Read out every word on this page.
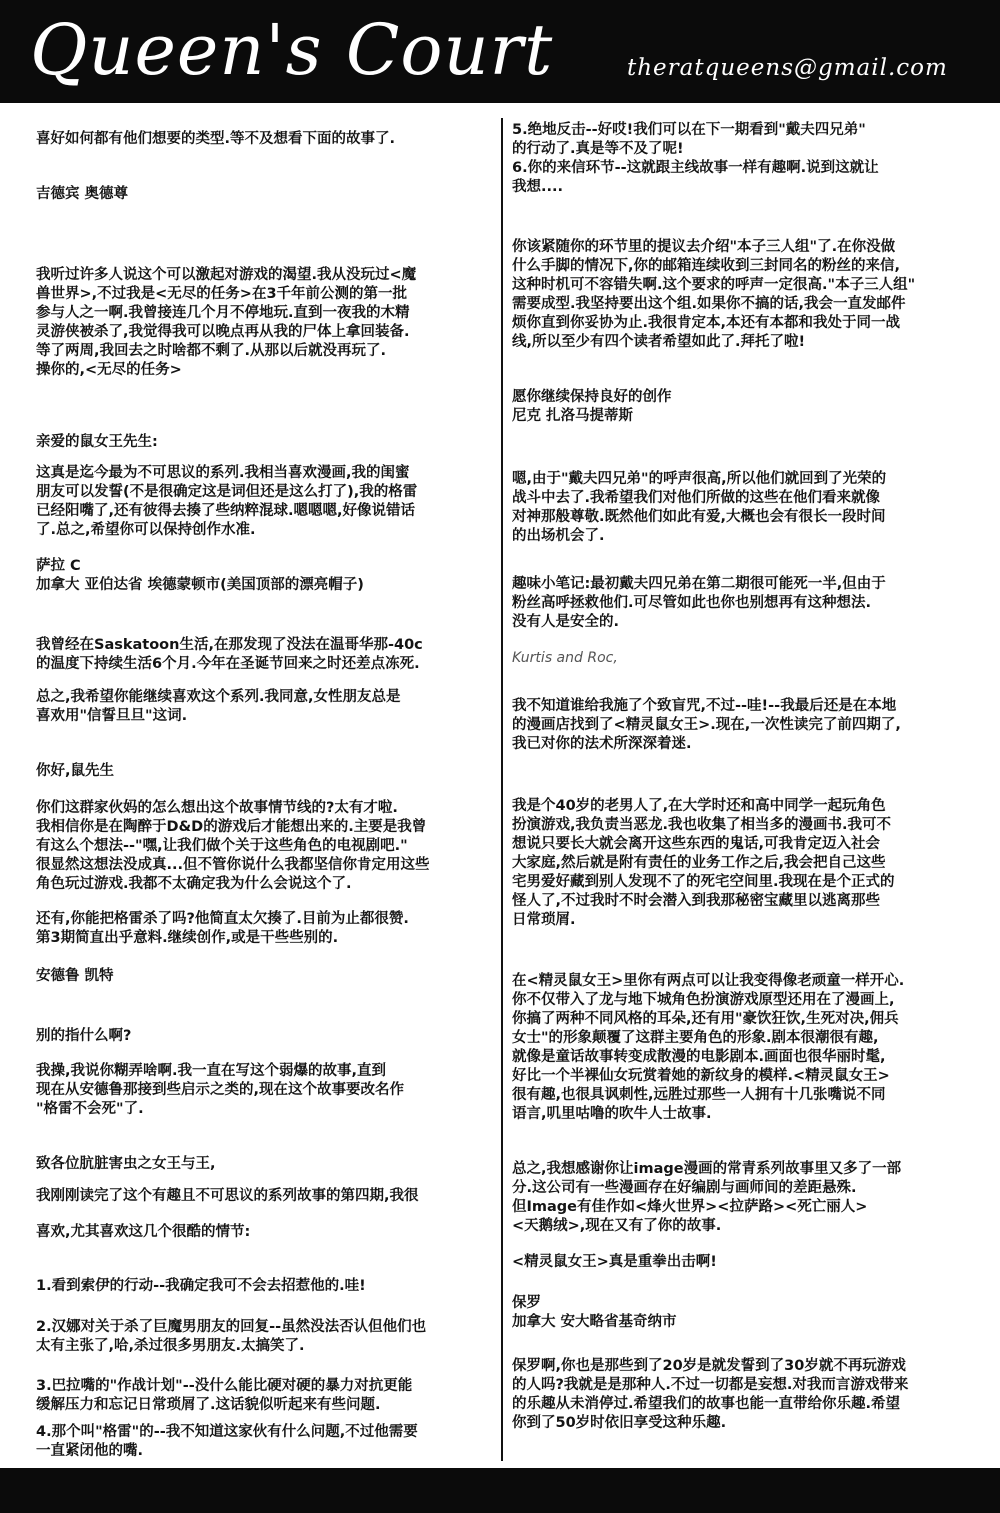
Queen's Court	theratqueens@gmail.com

喜好如何都有他们想要的类型.等不及想看下面的故事了.

吉德宾 奥德尊

我听过许多人说这个可以激起对游戏的渴望.我从没玩过<魔
兽世界>,不过我是<无尽的任务>在3千年前公测的第一批
参与人之一啊.我曾接连几个月不停地玩.直到一夜我的木精
灵游侠被杀了,我觉得我可以晚点再从我的尸体上拿回装备.
等了两周,我回去之时啥都不剩了.从那以后就没再玩了.
操你的,<无尽的任务>

亲爱的鼠女王先生:

这真是迄今最为不可思议的系列.我相当喜欢漫画,我的闺蜜
朋友可以发誓(不是很确定这是词但还是这么打了),我的格雷
已经阳嘴了,还有彼得去揍了些纳粹混球.嗯嗯嗯,好像说错话
了.总之,希望你可以保持创作水准.

萨拉 C
加拿大 亚伯达省 埃德蒙顿市(美国顶部的漂亮帽子)

我曾经在Saskatoon生活,在那发现了没法在温哥华那-40c
的温度下持续生活6个月.今年在圣诞节回来之时还差点冻死.

总之,我希望你能继续喜欢这个系列.我同意,女性朋友总是
喜欢用"信誓旦旦"这词.

你好,鼠先生

你们这群家伙妈的怎么想出这个故事情节线的?太有才啦.
我相信你是在陶醉于D&D的游戏后才能想出来的.主要是我曾
有这么个想法--"嘿,让我们做个关于这些角色的电视剧吧."
很显然这想法没成真...但不管你说什么我都坚信你肯定用这些
角色玩过游戏.我都不太确定我为什么会说这个了.

还有,你能把格雷杀了吗?他简直太欠揍了.目前为止都很赞.
第3期简直出乎意料.继续创作,或是干些些别的.

安德鲁 凯特

别的指什么啊?

我操,我说你糊弄啥啊.我一直在写这个弱爆的故事,直到
现在从安德鲁那接到些启示之类的,现在这个故事要改名作
"格雷不会死"了.

致各位肮脏害虫之女王与王,

我刚刚读完了这个有趣且不可思议的系列故事的第四期,我很

喜欢,尤其喜欢这几个很酷的情节:

1.看到索伊的行动--我确定我可不会去招惹他的.哇!

2.汉娜对关于杀了巨魔男朋友的回复--虽然没法否认但他们也
太有主张了,哈,杀过很多男朋友.太搞笑了.

3.巴拉嘴的"作战计划"--没什么能比硬对硬的暴力对抗更能
缓解压力和忘记日常琐屑了.这话貌似听起来有些问题.

4.那个叫"格雷"的--我不知道这家伙有什么问题,不过他需要
一直紧闭他的嘴.

5.绝地反击--好哎!我们可以在下一期看到"戴夫四兄弟"
的行动了.真是等不及了呢!
6.你的来信环节--这就跟主线故事一样有趣啊.说到这就让
我想....

你该紧随你的环节里的提议去介绍"本子三人组"了.在你没做
什么手脚的情况下,你的邮箱连续收到三封同名的粉丝的来信,
这种时机可不容错失啊.这个要求的呼声一定很高."本子三人组"
需要成型.我坚持要出这个组.如果你不搞的话,我会一直发邮件
烦你直到你妥协为止.我很肯定本,本还有本都和我处于同一战
线,所以至少有四个读者希望如此了.拜托了啦!

愿你继续保持良好的创作
尼克 扎洛马提蒂斯

嗯,由于"戴夫四兄弟"的呼声很高,所以他们就回到了光荣的
战斗中去了.我希望我们对他们所做的这些在他们看来就像
对神那般尊敬.既然他们如此有爱,大概也会有很长一段时间
的出场机会了.

趣味小笔记:最初戴夫四兄弟在第二期很可能死一半,但由于
粉丝高呼拯救他们.可尽管如此也你也别想再有这种想法.
没有人是安全的.

Kurtis and Roc,

我不知道谁给我施了个致盲咒,不过--哇!--我最后还是在本地
的漫画店找到了<精灵鼠女王>.现在,一次性读完了前四期了,
我已对你的法术所深深着迷.

我是个40岁的老男人了,在大学时还和高中同学一起玩角色
扮演游戏,我负责当恶龙.我也收集了相当多的漫画书.我可不
想说只要长大就会离开这些东西的鬼话,可我肯定迈入社会
大家庭,然后就是附有责任的业务工作之后,我会把自己这些
宅男爱好藏到别人发现不了的死宅空间里.我现在是个正式的
怪人了,不过我时不时会潜入到我那秘密宝藏里以逃离那些
日常琐屑.

在<精灵鼠女王>里你有两点可以让我变得像老顽童一样开心.
你不仅带入了龙与地下城角色扮演游戏原型还用在了漫画上,
你搞了两种不同风格的耳朵,还有用"豪饮狂饮,生死对决,佣兵
女士"的形象颠覆了这群主要角色的形象.剧本很潮很有趣,
就像是童话故事转变成散漫的电影剧本.画面也很华丽时髦,
好比一个半裸仙女玩赏着她的新纹身的模样.<精灵鼠女王>
很有趣,也很具讽刺性,远胜过那些一人拥有十几张嘴说不同
语言,叽里咕噜的吹牛人士故事.

总之,我想感谢你让image漫画的常青系列故事里又多了一部
分.这公司有一些漫画存在好编剧与画师间的差距悬殊.
但Image有佳作如<烽火世界><拉萨路><死亡丽人>
<天鹅绒>,现在又有了你的故事.

<精灵鼠女王>真是重拳出击啊!

保罗
加拿大 安大略省基奇纳市

保罗啊,你也是那些到了20岁是就发誓到了30岁就不再玩游戏
的人吗?我就是是那种人.不过一切都是妄想.对我而言游戏带来
的乐趣从未消停过.希望我们的故事也能一直带给你乐趣.希望
你到了50岁时依旧享受这种乐趣.
